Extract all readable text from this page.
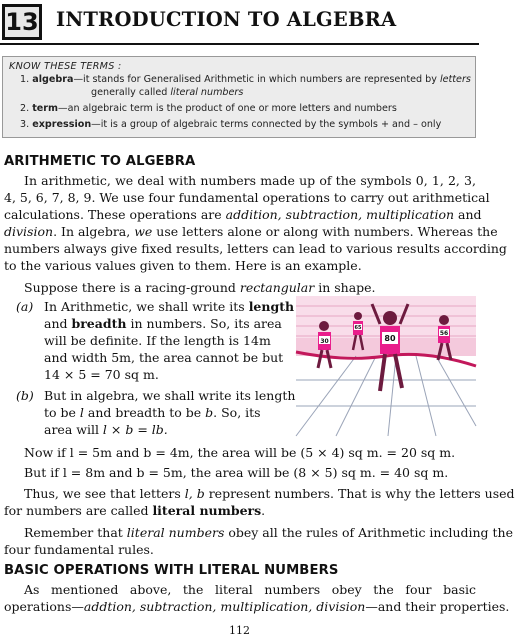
13 INTRODUCTION TO ALGEBRA
KNOW THESE TERMS :
1. algebra—it stands for Generalised Arithmetic in which numbers are represented by letters
generally called literal numbers
2. term—an algebraic term is the product of one or more letters and numbers
3. expression—it is a group of algebraic terms connected by the symbols + and – only
ARITHMETIC TO ALGEBRA
In arithmetic, we deal with numbers made up of the symbols 0, 1, 2, 3,
4, 5, 6, 7, 8, 9. We use four fundamental operations to carry out arithmetical
calculations. These operations are addition, subtraction, multiplication and
division. In algebra, we use letters alone or along with numbers. Whereas the
numbers always give fixed results, letters can lead to various results according
to the various values given to them. Here is an example.
Suppose there is a racing-ground rectangular in shape.
(a) In Arithmetic, we shall write its length
and breadth in numbers. So, its area
will be definite. If the length is 14m
and width 5m, the area cannot be but
14 × 5 = 70 sq m.
(b) But in algebra, we shall write its length
to be l and breadth to be b. So, its
area will l × b = lb.
30	80
65
56
Now if l = 5m and b = 4m, the area will be (5 × 4) sq m. = 20 sq m.
But if l = 8m and b = 5m, the area will be (8 × 5) sq m. = 40 sq m.
Thus, we see that letters l, b represent numbers. That is why the letters used
for numbers are called literal numbers.
Remember that literal numbers obey all the rules of Arithmetic including the
four fundamental rules.
BASIC OPERATIONS WITH LITERAL NUMBERS
As mentioned above, the literal numbers obey the four basic
operations—addtion, subtraction, multiplication, division—and their properties.
112
